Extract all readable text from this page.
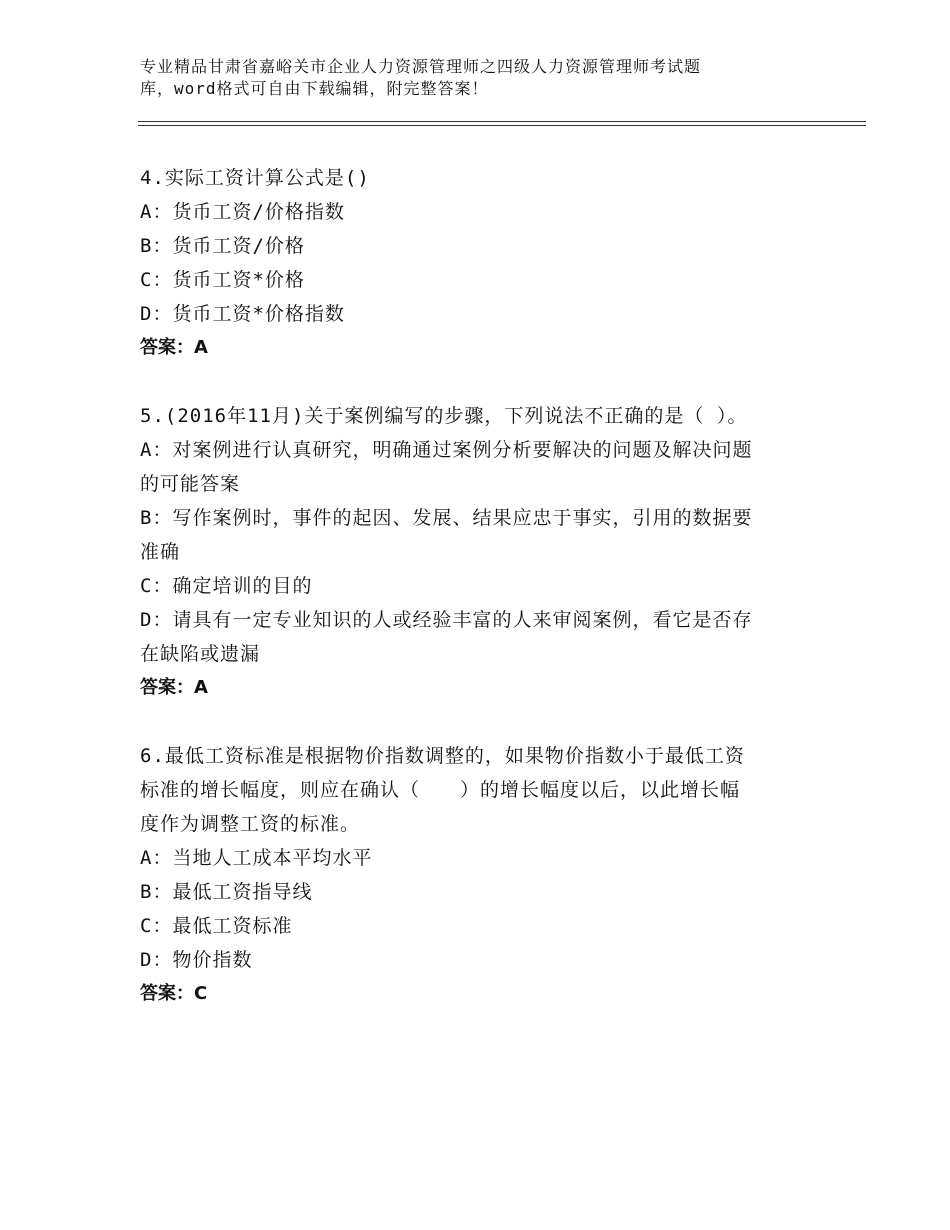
专业精品甘肃省嘉峪关市企业人力资源管理师之四级人力资源管理师考试题
库，word格式可自由下载编辑，附完整答案！
4.实际工资计算公式是()
A：货币工资/价格指数
B：货币工资/价格
C：货币工资*价格
D：货币工资*价格指数
答案：A
5.(2016年11月)关于案例编写的步骤，下列说法不正确的是（ ）。
A：对案例进行认真研究，明确通过案例分析要解决的问题及解决问题
的可能答案
B：写作案例时，事件的起因、发展、结果应忠于事实，引用的数据要
准确
C：确定培训的目的
D：请具有一定专业知识的人或经验丰富的人来审阅案例，看它是否存
在缺陷或遗漏
答案：A
6.最低工资标准是根据物价指数调整的，如果物价指数小于最低工资
标准的增长幅度，则应在确认（　　）的增长幅度以后，以此增长幅
度作为调整工资的标准。
A：当地人工成本平均水平
B：最低工资指导线
C：最低工资标准
D：物价指数
答案：C
